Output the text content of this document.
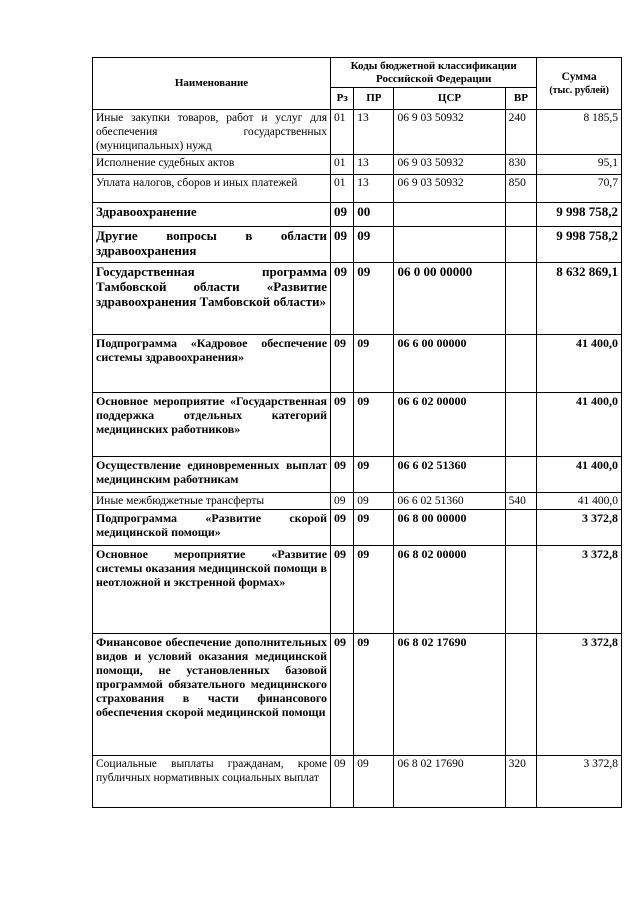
Наименование	Коды бюджетной классификации Российской Федерации				Сумма
(тыс. рублей)

	Рз	ПР	ЦСР	ВР	
Иные закупки товаров, работ и услуг для обеспечения государственных (муниципальных) нужд	01	13	06 9 03 50932	240	8 185,5
Исполнение судебных актов	01	13	06 9 03 50932	830	95,1
Уплата налогов, сборов и иных платежей	01	13	06 9 03 50932	850	70,7
Здравоохранение	09	00			9 998 758,2
Другие вопросы в области здравоохранения	09	09			9 998 758,2
Государственная программа Тамбовской области «Развитие здравоохранения Тамбовской области»	09	09	06 0 00 00000		8 632 869,1
Подпрограмма «Кадровое обеспечение системы здравоохранения»	09	09	06 6 00 00000		41 400,0
Основное мероприятие «Государственная поддержка отдельных категорий медицинских работников»	09	09	06 6 02 00000		41 400,0
Осуществление единовременных выплат медицинским работникам	09	09	06 6 02 51360		41 400,0
Иные межбюджетные трансферты	09	09	06 6 02 51360	540	41 400,0
Подпрограмма «Развитие скорой медицинской помощи»	09	09	06 8 00 00000		3 372,8
Основное мероприятие «Развитие системы оказания медицинской помощи в неотложной и экстренной формах»	09	09	06 8 02 00000		3 372,8
Финансовое обеспечение дополнительных видов и условий оказания медицинской помощи, не установленных базовой программой обязательного медицинского страхования в части финансового обеспечения скорой медицинской помощи	09	09	06 8 02 17690		3 372,8
Социальные выплаты гражданам, кроме публичных нормативных социальных выплат	09	09	06 8 02 17690	320	3 372,8
